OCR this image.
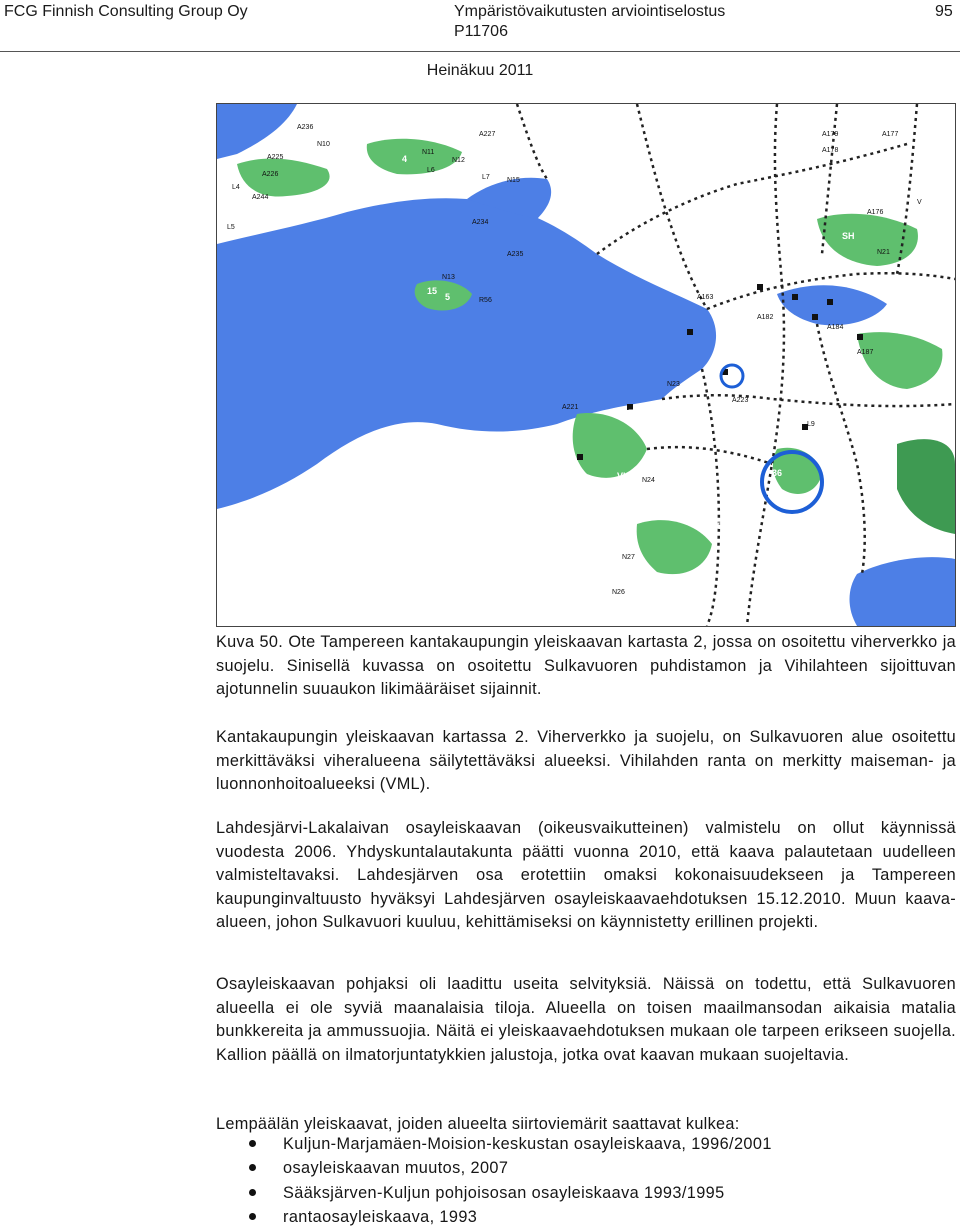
FCG Finnish Consulting Group Oy	Ympäristövaikutusten arviointiselostus
P11706
95
Heinäkuu 2011
A236
N10
40 A227	A179	A177
A178
N11
N12
A225
L6
L7 N15
A226
4
L4
L5
A244
A234
A235
A176
V
SH
N21
15
N13
R56
5	A163
A182
A184
A187
SL
39
38
N23
A223
A221
RT
VU
L9
36
N24
35
N27
34
N26
Kuva 50. Ote Tampereen kantakaupungin yleiskaavan kartasta 2, jossa on osoitettu viherverkko ja suojelu. Sinisellä kuvassa on osoitettu Sulkavuoren puhdistamon ja Vihilahteen sijoittuvan ajotunnelin suuaukon likimääräiset sijainnit.
Kantakaupungin yleiskaavan kartassa 2. Viherverkko ja suojelu, on Sulkavuoren alue osoitettu merkittäväksi viheralueena säilytettäväksi alueeksi. Vihilahden ranta on merkitty maiseman- ja luonnonhoitoalueeksi (VML).
Lahdesjärvi-Lakalaivan osayleiskaavan (oikeusvaikutteinen) valmistelu on ollut käynnissä vuodesta 2006. Yhdyskuntalautakunta päätti vuonna 2010, että kaava palautetaan uudelleen valmisteltavaksi. Lahdesjärven osa erotettiin omaksi kokonaisuudekseen ja Tampereen kaupunginvaltuusto hyväksyi Lahdesjärven osayleiskaavaehdotuksen 15.12.2010. Muun kaava-alueen, johon Sulkavuori kuuluu, kehittämiseksi on käynnistetty erillinen projekti.
Osayleiskaavan pohjaksi oli laadittu useita selvityksiä. Näissä on todettu, että Sulkavuoren alueella ei ole syviä maanalaisia tiloja. Alueella on toisen maailmansodan aikaisia matalia bunkkereita ja ammussuojia. Näitä ei yleiskaavaehdotuksen mukaan ole tarpeen erikseen suojella. Kallion päällä on ilmatorjuntatykkien jalustoja, jotka ovat kaavan mukaan suojeltavia.
Lempäälän yleiskaavat, joiden alueelta siirtoviemärit saattavat kulkea:
Kuljun-Marjamäen-Moision-keskustan osayleiskaava, 1996/2001
osayleiskaavan muutos, 2007
Sääksjärven-Kuljun pohjoisosan osayleiskaava 1993/1995
rantaosayleiskaava, 1993
